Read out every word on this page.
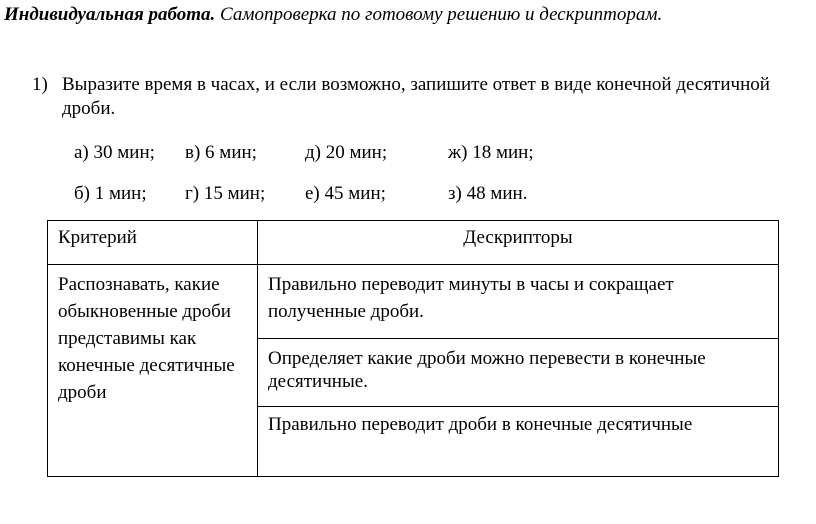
Индивидуальная работа. Самопроверка по готовому решению и дескрипторам.
1) Выразите время в часах, и если возможно, запишите ответ в виде конечной десятичной дроби.
а) 30 мин; в) 6 мин;	д) 20 мин;	ж) 18 мин;
б) 1 мин; г) 15 мин; е) 45 мин;	з) 48 мин.
Критерий	Дескрипторы
Распознавать, какие обыкновенные дроби представимы как конечные десятичные дроби	Правильно переводит минуты в часы и сокращает полученные дроби.
	Определяет какие дроби можно перевести в конечные десятичные.
	Правильно переводит дроби в конечные десятичные
